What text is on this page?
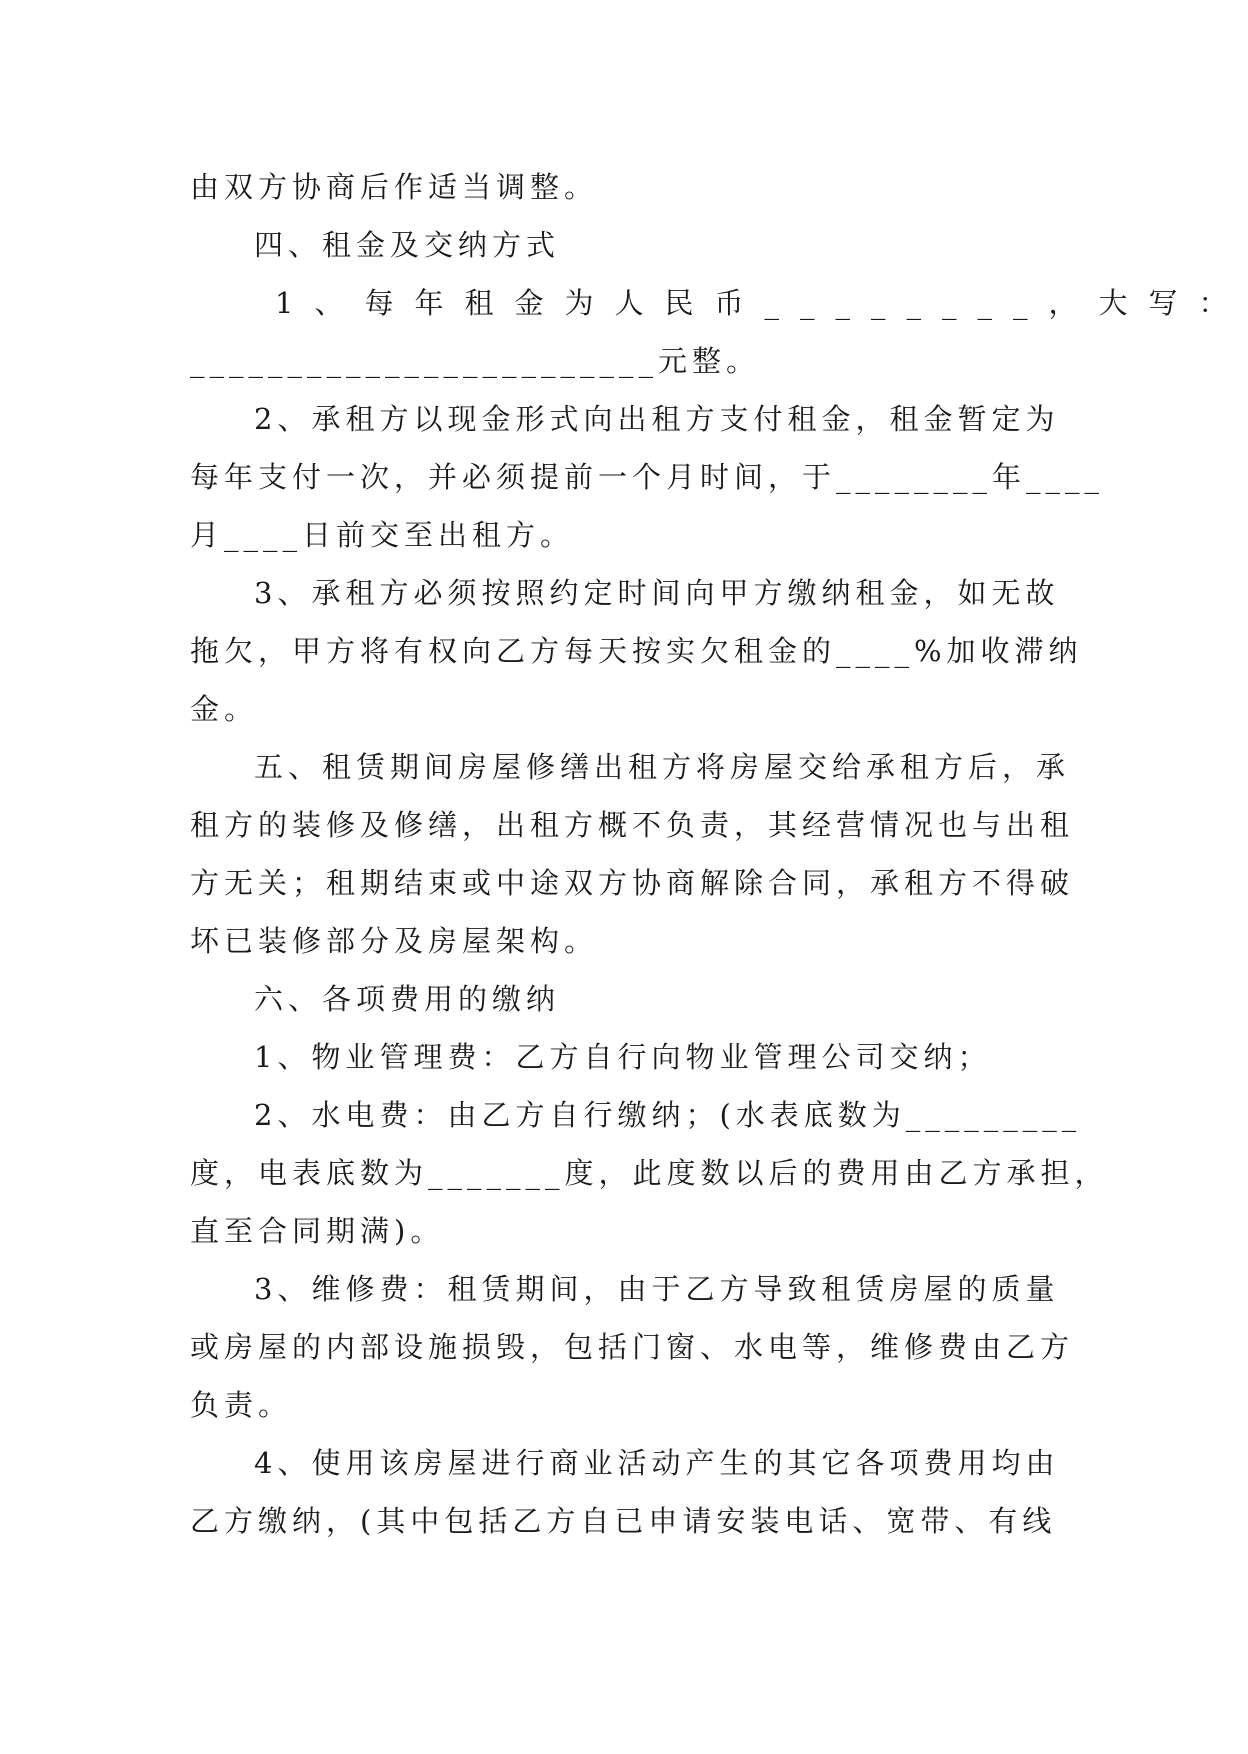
由双方协商后作适当调整。
四、租金及交纳方式
1、每年租金为人民币________，大写：
________________________元整。
2、承租方以现金形式向出租方支付租金，租金暂定为
每年支付一次，并必须提前一个月时间，于________年____
月____日前交至出租方。
3、承租方必须按照约定时间向甲方缴纳租金，如无故
拖欠，甲方将有权向乙方每天按实欠租金的____%加收滞纳
金。
五、租赁期间房屋修缮出租方将房屋交给承租方后，承
租方的装修及修缮，出租方概不负责，其经营情况也与出租
方无关；租期结束或中途双方协商解除合同，承租方不得破
坏已装修部分及房屋架构。
六、各项费用的缴纳
1、物业管理费：乙方自行向物业管理公司交纳；
2、水电费：由乙方自行缴纳；(水表底数为_________
度，电表底数为_______度，此度数以后的费用由乙方承担，
直至合同期满)。
3、维修费：租赁期间，由于乙方导致租赁房屋的质量
或房屋的内部设施损毁，包括门窗、水电等，维修费由乙方
负责。
4、使用该房屋进行商业活动产生的其它各项费用均由
乙方缴纳，(其中包括乙方自已申请安装电话、宽带、有线
